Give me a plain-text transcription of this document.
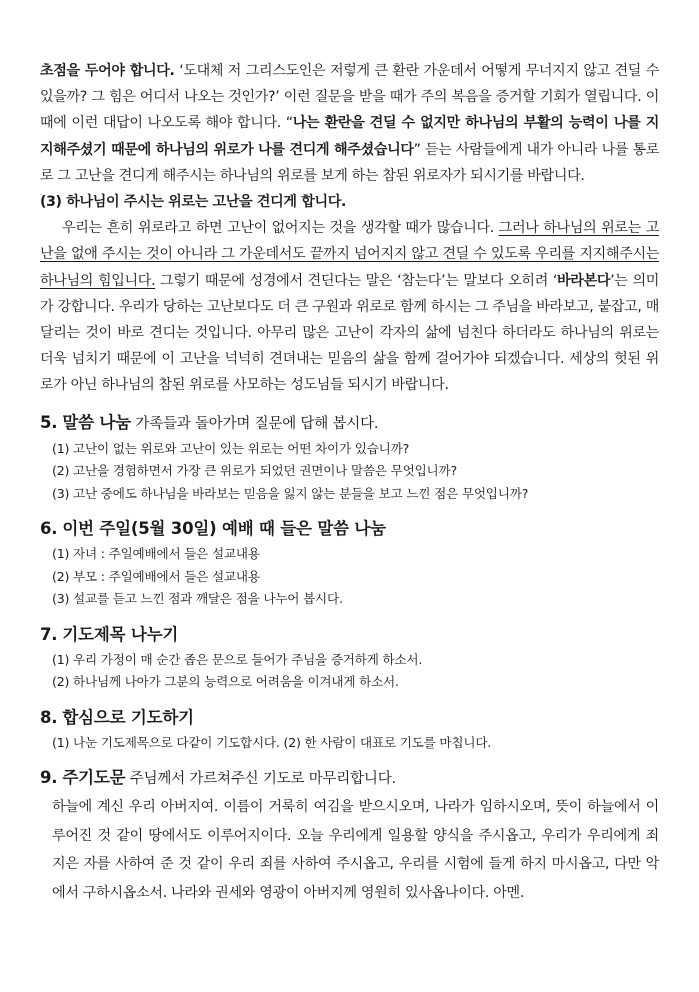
초점을 두어야 합니다. ‘도대체 저 그리스도인은 저렇게 큰 환란 가운데서 어떻게 무너지지 않고 견딜 수 있을까? 그 힘은 어디서 나오는 것인가?’ 이런 질문을 받을 때가 주의 복음을 증거할 기회가 열립니다. 이때에 이런 대답이 나오도록 해야 합니다. “나는 환란을 견딜 수 없지만 하나님의 부활의 능력이 나를 지지해주셨기 때문에 하나님의 위로가 나를 견디게 해주셨습니다” 듣는 사람들에게 내가 아니라 나를 통로로 그 고난을 견디게 해주시는 하나님의 위로를 보게 하는 참된 위로자가 되시기를 바랍니다.

(3) 하나님이 주시는 위로는 고난을 견디게 합니다.

우리는 흔히 위로라고 하면 고난이 없어지는 것을 생각할 때가 많습니다. 그러나 하나님의 위로는 고난을 없애 주시는 것이 아니라 그 가운데서도 끝까지 넘어지지 않고 견딜 수 있도록 우리를 지지해주시는 하나님의 힘입니다. 그렇기 때문에 성경에서 견딘다는 말은 ‘참는다’는 말보다 오히려 ‘바라본다’는 의미가 강합니다. 우리가 당하는 고난보다도 더 큰 구원과 위로로 함께 하시는 그 주님을 바라보고, 붙잡고, 매달리는 것이 바로 견디는 것입니다. 아무리 많은 고난이 각자의 삶에 넘친다 하더라도 하나님의 위로는 더욱 넘치기 때문에 이 고난을 넉넉히 견뎌내는 믿음의 삶을 함께 걸어가야 되겠습니다. 세상의 헛된 위로가 아닌 하나님의 참된 위로를 사모하는 성도님들 되시기 바랍니다.

5. 말씀 나눔 가족들과 돌아가며 질문에 답해 봅시다.

(1) 고난이 없는 위로와 고난이 있는 위로는 어떤 차이가 있습니까?
(2) 고난을 경험하면서 가장 큰 위로가 되었던 권면이나 말씀은 무엇입니까?
(3) 고난 중에도 하나님을 바라보는 믿음을 잃지 않는 분들을 보고 느낀 점은 무엇입니까?

6. 이번 주일(5월 30일) 예배 때 들은 말씀 나눔

(1) 자녀 : 주일예배에서 들은 설교내용
(2) 부모 : 주일예배에서 들은 설교내용
(3) 설교를 듣고 느낀 점과 깨달은 점을 나누어 봅시다.

7. 기도제목 나누기

(1) 우리 가정이 매 순간 좁은 문으로 들어가 주님을 증거하게 하소서.
(2) 하나님께 나아가 그분의 능력으로 어려움을 이겨내게 하소서.

8. 합심으로 기도하기

(1) 나눈 기도제목으로 다같이 기도합시다. (2) 한 사람이 대표로 기도를 마칩니다.

9. 주기도문 주님께서 가르쳐주신 기도로 마무리합니다.

하늘에 계신 우리 아버지여. 이름이 거룩히 여김을 받으시오며, 나라가 임하시오며, 뜻이 하늘에서 이루어진 것 같이 땅에서도 이루어지이다. 오늘 우리에게 일용할 양식을 주시옵고, 우리가 우리에게 죄 지은 자를 사하여 준 것 같이 우리 죄를 사하여 주시옵고, 우리를 시험에 들게 하지 마시옵고, 다만 악에서 구하시옵소서. 나라와 권세와 영광이 아버지께 영원히 있사옵나이다. 아멘.
